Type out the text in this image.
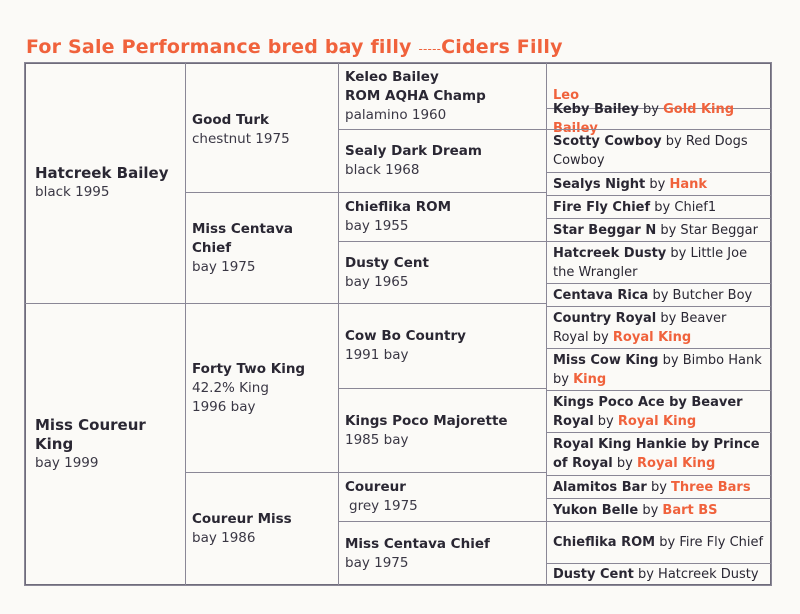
For Sale Performance bred bay filly -----Ciders Filly
Hatcreek Bailey
black 1995
Miss Coureur King
bay 1999
Good Turk
chestnut 1975
Miss Centava Chief
bay 1975
Forty Two King
42.2% King
1996 bay
Coureur Miss
bay 1986
Keleo Bailey
ROM AQHA Champ
palamino 1960
Sealy Dark Dream
black 1968
Chieflika ROM
bay 1955
Dusty Cent
bay 1965
Cow Bo Country
1991 bay
Kings Poco Majorette
1985 bay
Coureur
grey 1975
Miss Centava Chief
bay 1975
Leo
Keby Bailey by Gold King Bailey
Scotty Cowboy by Red Dogs Cowboy
Sealys Night by Hank
Fire Fly Chief by Chief1
Star Beggar N by Star Beggar
Hatcreek Dusty by Little Joe the Wrangler
Centava Rica by Butcher Boy
Country Royal by Beaver Royal by Royal King
Miss Cow King by Bimbo Hank by King
Kings Poco Ace by Beaver Royal by Royal King
Royal King Hankie by Prince of Royal by Royal King
Alamitos Bar by Three Bars
Yukon Belle by Bart BS
Chieflika ROM by Fire Fly Chief
Dusty Cent by Hatcreek Dusty
